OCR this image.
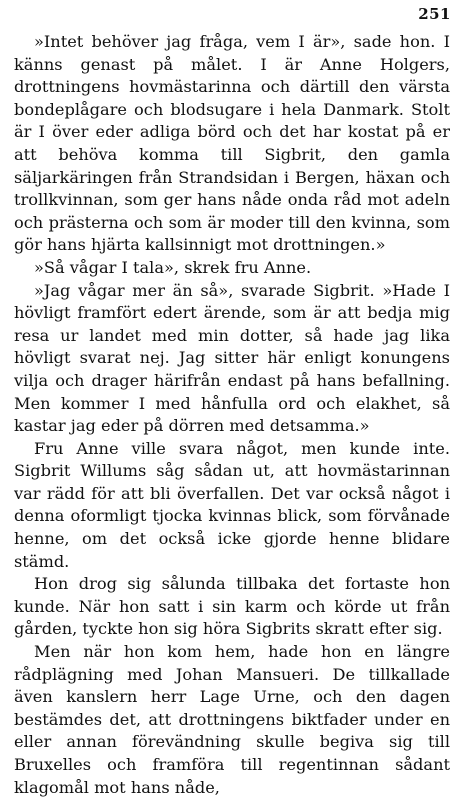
251

»Intet behöver jag fråga, vem I är», sade hon. I känns genast på målet. I är Anne Holgers, drottningens hovmästarinna och därtill den värsta bondeplågare och blodsugare i hela Danmark. Stolt är I över eder adliga börd och det har kostat på er att behöva komma till Sigbrit, den gamla säljarkäringen från Strandsidan i Bergen, häxan och trollkvinnan, som ger hans nåde onda råd mot adeln och prästerna och som är moder till den kvinna, som gör hans hjärta kallsinnigt mot drottningen.»

»Så vågar I tala», skrek fru Anne.

»Jag vågar mer än så», svarade Sigbrit. »Hade I hövligt framfört edert ärende, som är att bedja mig resa ur landet med min dotter, så hade jag lika hövligt svarat nej. Jag sitter här enligt konungens vilja och drager härifrån endast på hans befallning. Men kommer I med hånfulla ord och elakhet, så kastar jag eder på dörren med detsamma.»

Fru Anne ville svara något, men kunde inte. Sigbrit Willums såg sådan ut, att hovmästarinnan var rädd för att bli överfallen. Det var också något i denna oformligt tjocka kvinnas blick, som förvånade henne, om det också icke gjorde henne blidare stämd.

Hon drog sig sålunda tillbaka det fortaste hon kunde. När hon satt i sin karm och körde ut från gården, tyckte hon sig höra Sigbrits skratt efter sig.

Men när hon kom hem, hade hon en längre rådplägning med Johan Mansueri. De tillkallade även kanslern herr Lage Urne, och den dagen bestämdes det, att drottningens biktfader under en eller annan förevändning skulle begiva sig till Bruxelles och framföra till regentinnan sådant klagomål mot hans nåde,
